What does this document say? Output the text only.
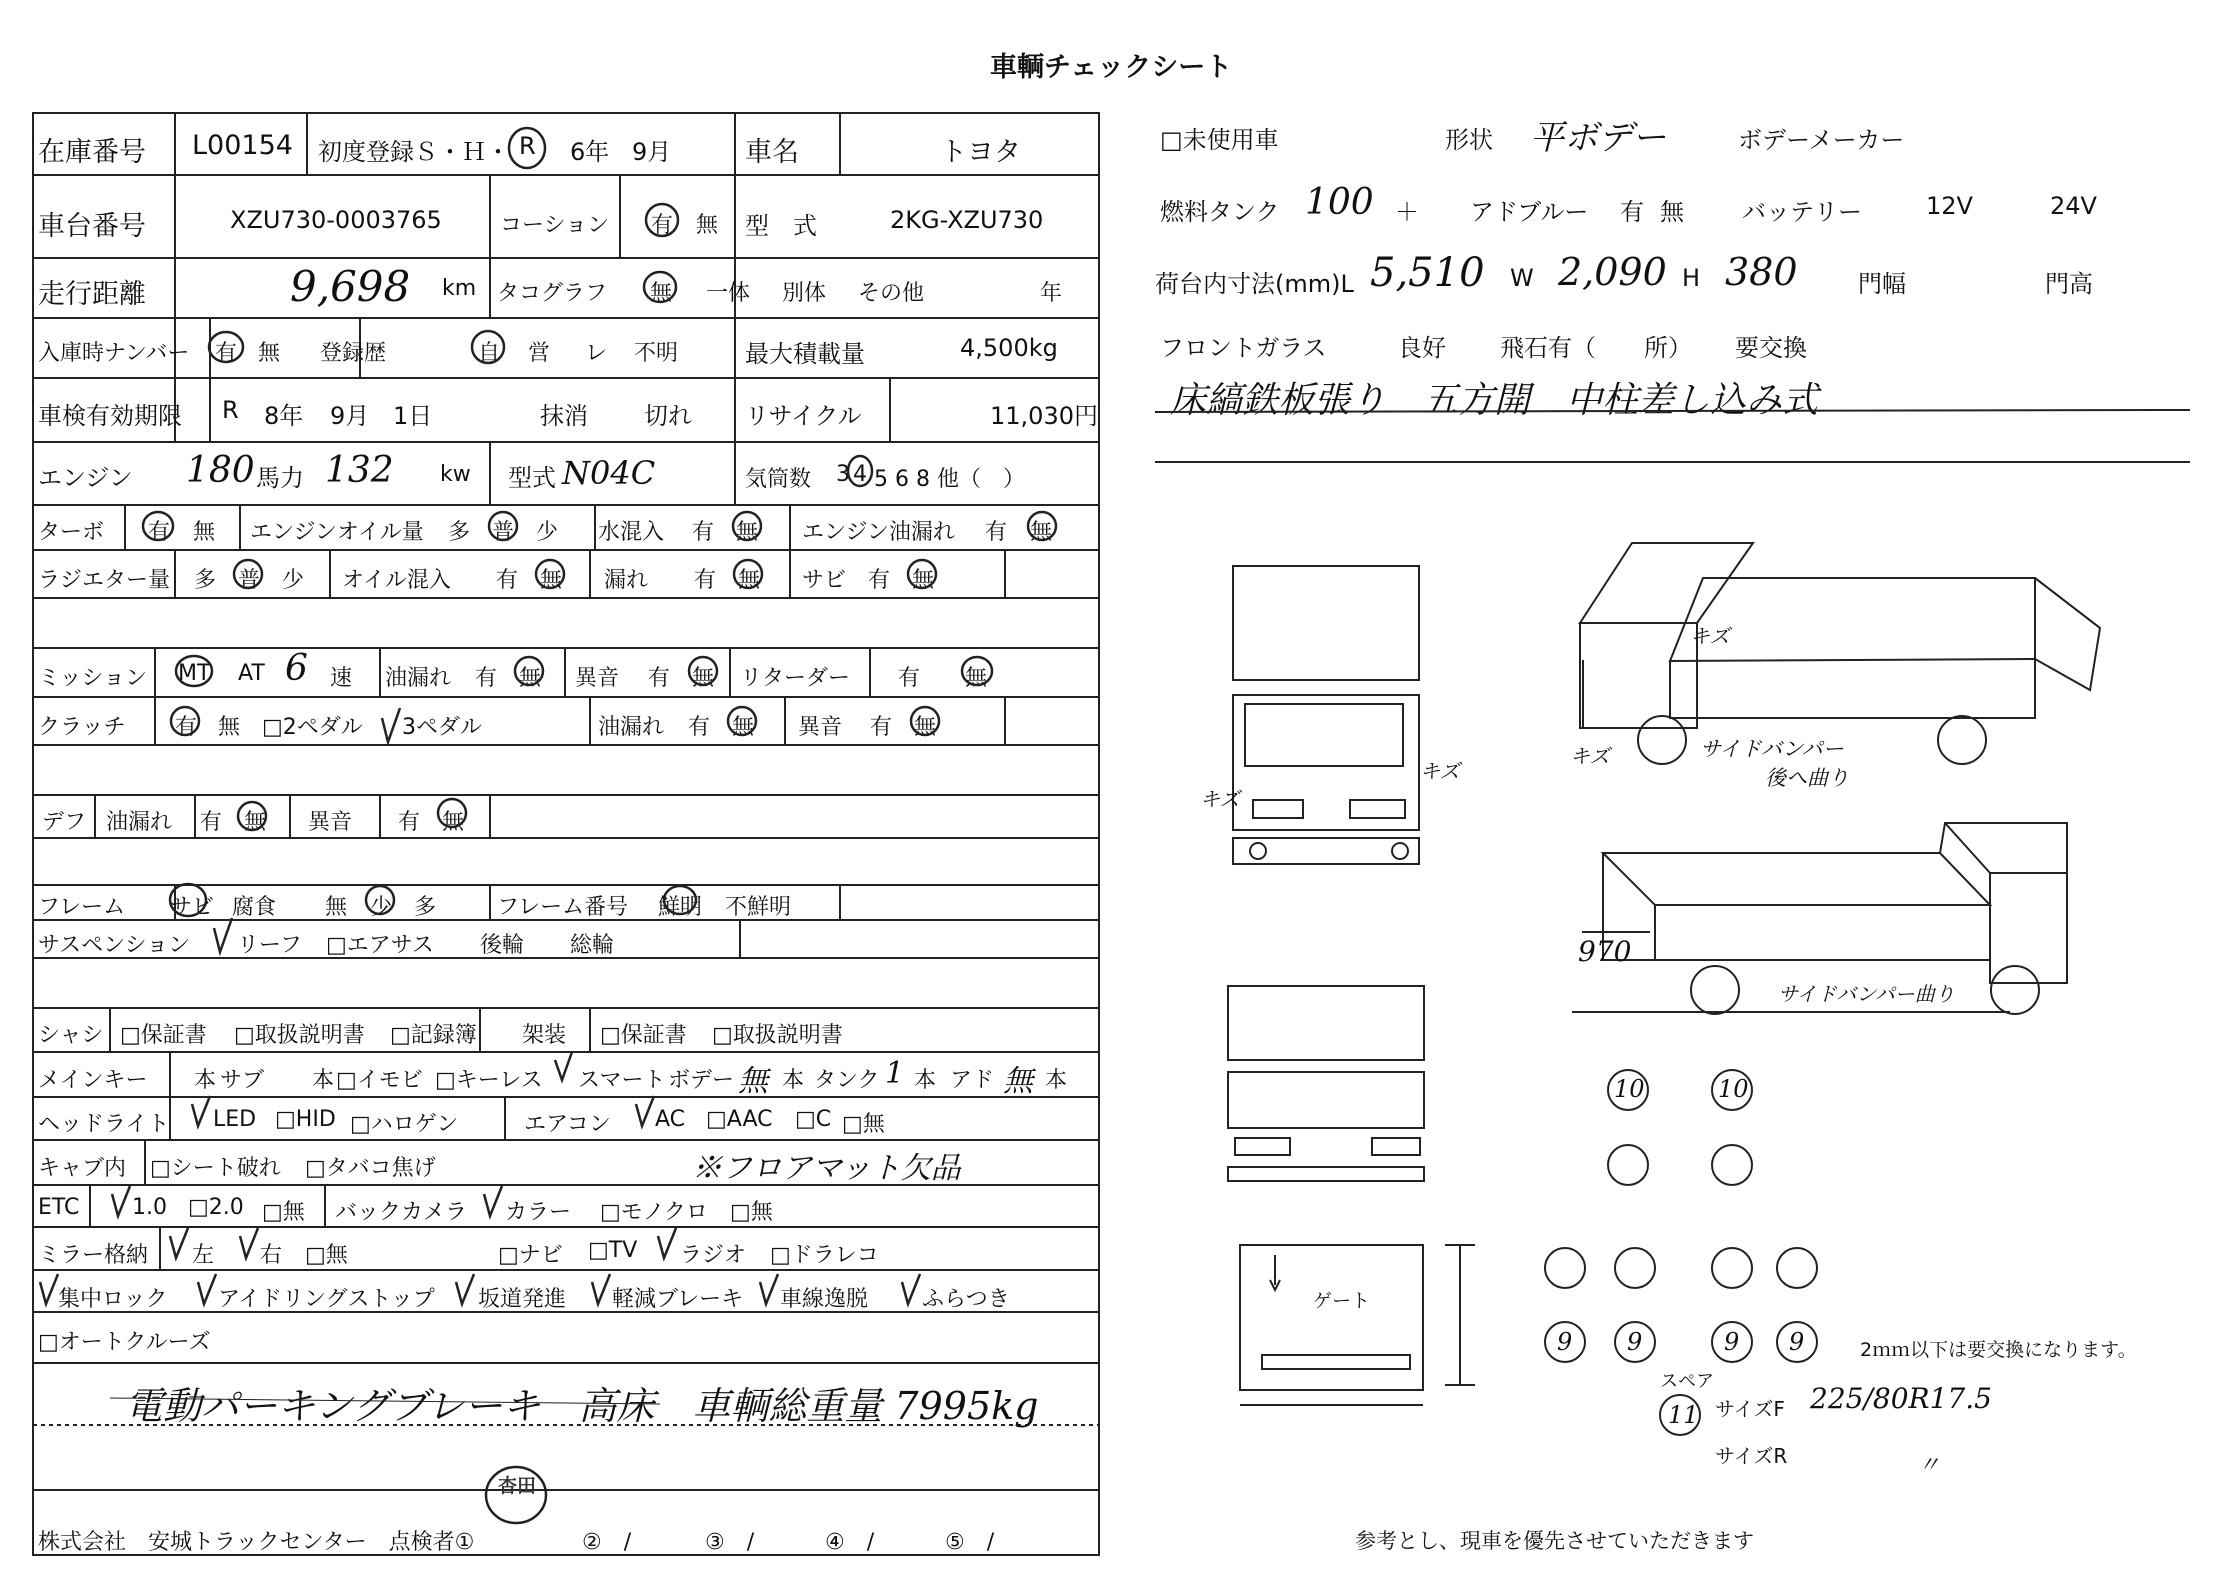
車輌チェックシート
在庫番号 L00154 初度登録Ｓ・Ｈ・ R 6年 9月	車名	トヨタ
車台番号	XZU730-0003765	コーション 有 無 型　式	2KG-XZU730
走行距離	9,698 km タコグラフ 無 一体 別体 その他	年
入庫時ナンバー 有 無 登録歴	自 営 レ 不明	最大積載量	4,500kg
車検有効期限 R 8年 9月 1日	抹消 切れ リサイクル	11,030円
エンジン 180 馬力 132 kw 型式 N04C	気筒数 3 4 5 6 8 他（　）
ターボ 有 無 エンジンオイル量 多 普 少 水混入 有 無 エンジン油漏れ 有 無
ラジエター量 多 普 少 オイル混入 有 無 漏れ 有 無 サビ 有 無
ミッション MT AT 6 速 油漏れ 有 無 異音 有 無 リターダー 有 無
クラッチ 有 無 □2ペダル 3ペダル	油漏れ 有 無 異音 有 無
デフ 油漏れ 有 無 異音 有 無
フレーム サビ 腐食 無 少 多	フレーム番号 鮮明 不鮮明
サスペンション リーフ □エアサス 後輪 総輪
シャシ □保証書 □取扱説明書 □記録簿 架装 □保証書 □取扱説明書
メインキー 本 サブ 本 □イモビ □キーレス スマート ボデー 無 本 タンク 1 本 アド 無 本
ヘッドライト LED □HID □ハロゲン	エアコン AC □AAC □C □無
キャブ内 □シート破れ □タバコ焦げ	※フロアマット欠品
ETC 1.0 □2.0 □無 バックカメラ カラー □モノクロ □無
ミラー格納 左 右 □無	□ナビ □TV ラジオ □ドラレコ
集中ロック アイドリングストップ 坂道発進 軽減ブレーキ 車線逸脱 ふらつき
□オートクルーズ
電動パーキングブレーキ　高床　車輌総重量 7995kg
株式会社　安城トラックセンター　点検者①
杏田
②　/	③　/	④　/	⑤　/
□未使用車	形状 平ボデー	ボデーメーカー
燃料タンク 100 ＋ アドブルー 有 無 バッテリー	12V	24V
荷台内寸法(mm)L 5,510 W 2,090 H 380	門幅	門高
フロントガラス	良好 飛石有（　　所） 要交換
床縞鉄板張り　五方開　中柱差し込み式
キズ
キズ
キズ
キズ	サイドバンパー
後へ曲り
970
サイドバンパー曲り
ゲート
10	10
9 9	9 9
スペア
11
2ｍｍ以下は要交換になります。
サイズF 225/80R17.5
サイズR	〃
参考とし、現車を優先させていただきます
